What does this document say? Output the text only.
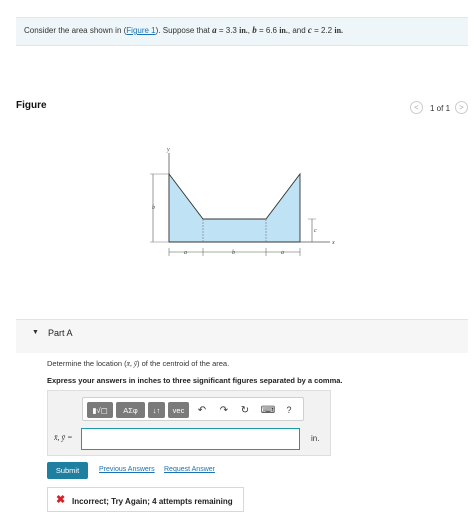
Consider the area shown in (Figure 1). Suppose that a = 3.3 in., b = 6.6 in., and c = 2.2 in.
Figure	< 1 of 1 >
y
x
b
c
a	b	a
▼ Part A
Determine the location (x̄, ȳ) of the centroid of the area.
Express your answers in inches to three significant figures separated by a comma.
▮√▢ ΑΣφ ↓↑ vec ↶ ↷ ↻ ⌨ ?
x̄, ȳ =	in.
Submit	Previous Answers Request Answer
✖ Incorrect; Try Again; 4 attempts remaining
